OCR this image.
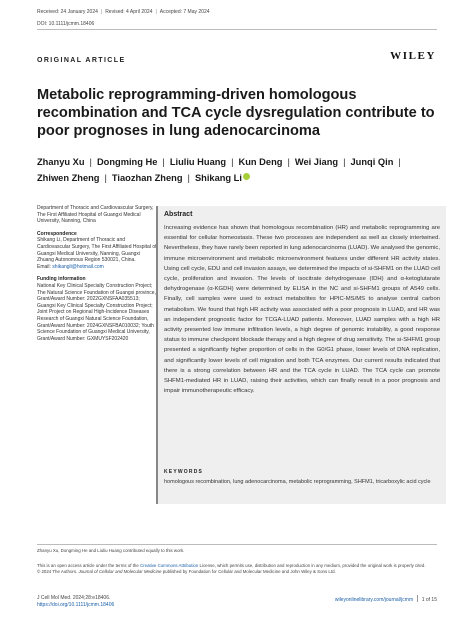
Received: 24 January 2024 | Revised: 4 April 2024 | Accepted: 7 May 2024
DOI: 10.1111/jcmm.18406
ORIGINAL ARTICLE	WILEY
Metabolic reprogramming-driven homologous recombination and TCA cycle dysregulation contribute to poor prognoses in lung adenocarcinoma
Zhanyu Xu | Dongming He | Liuliu Huang | Kun Deng | Wei Jiang | Junqi Qin |
Zhiwen Zheng | Tiaozhan Zheng | Shikang Li
Department of Thoracic and Cardiovascular Surgery, The First Affiliated Hospital of Guangxi Medical University, Nanning, China
Correspondence
Shikang Li, Department of Thoracic and Cardiovascular Surgery, The First Affiliated Hospital of Guangxi Medical University, Nanning, Guangxi Zhuang Autonomous Region 530021, China.
Email: shikangli@hotmail.com
Funding information
National Key Clinical Specialty Construction Project; The Natural Science Foundation of Guangxi province, Grant/Award Number: 2022GXNSFAA035513; Guangxi Key Clinical Specialty Construction Project; Joint Project on Regional High-Incidence Diseases Research of Guangxi Natural Science Foundation, Grant/Award Number: 2024GXNSFBA010032; Youth Science Foundation of Guangxi Medical University, Grant/Award Number: GXMUYSF202420
Abstract
Increasing evidence has shown that homologous recombination (HR) and metabolic reprogramming are essential for cellular homeostasis. These two processes are independent as well as closely intertwined. Nevertheless, they have rarely been reported in lung adenocarcinoma (LUAD). We analysed the genomic, immune microenvironment and metabolic microenvironment features under different HR activity states. Using cell cycle, EDU and cell invasion assays, we determined the impacts of si-SHFM1 on the LUAD cell cycle, proliferation and invasion. The levels of isocitrate dehydrogenase (IDH) and α-ketoglutarate dehydrogenase (α-KGDH) were determined by ELISA in the NC and si-SHFM1 groups of A549 cells. Finally, cell samples were used to extract metabolites for HPIC-MS/MS to analyse central carbon metabolism. We found that high HR activity was associated with a poor prognosis in LUAD, and HR was an independent prognostic factor for TCGA-LUAD patients. Moreover, LUAD samples with a high HR activity presented low immune infiltration levels, a high degree of genomic instability, a good response status to immune checkpoint blockade therapy and a high degree of drug sensitivity. The si-SHFM1 group presented a significantly higher proportion of cells in the G0/G1 phase, lower levels of DNA replication, and significantly lower levels of cell migration and both TCA enzymes. Our current results indicated that there is a strong correlation between HR and the TCA cycle in LUAD. The TCA cycle can promote SHFM1-mediated HR in LUAD, raising their activities, which can finally result in a poor prognosis and impair immunotherapeutic efficacy.
KEYWORDS
homologous recombination, lung adenocarcinoma, metabolic reprogramming, SHFM1, tricarboxylic acid cycle
Zhanyu Xu, Dongming He and Liuliu Huang contributed equally to this work.
This is an open access article under the terms of the Creative Commons Attribution License, which permits use, distribution and reproduction in any medium, provided the original work is properly cited.
© 2024 The Authors. Journal of Cellular and Molecular Medicine published by Foundation for Cellular and Molecular Medicine and John Wiley & Sons Ltd.
J Cell Mol Med. 2024;28:e18406.
https://doi.org/10.1111/jcmm.18406
wileyonlinelibrary.com/journal/jcmm 1 of 15
